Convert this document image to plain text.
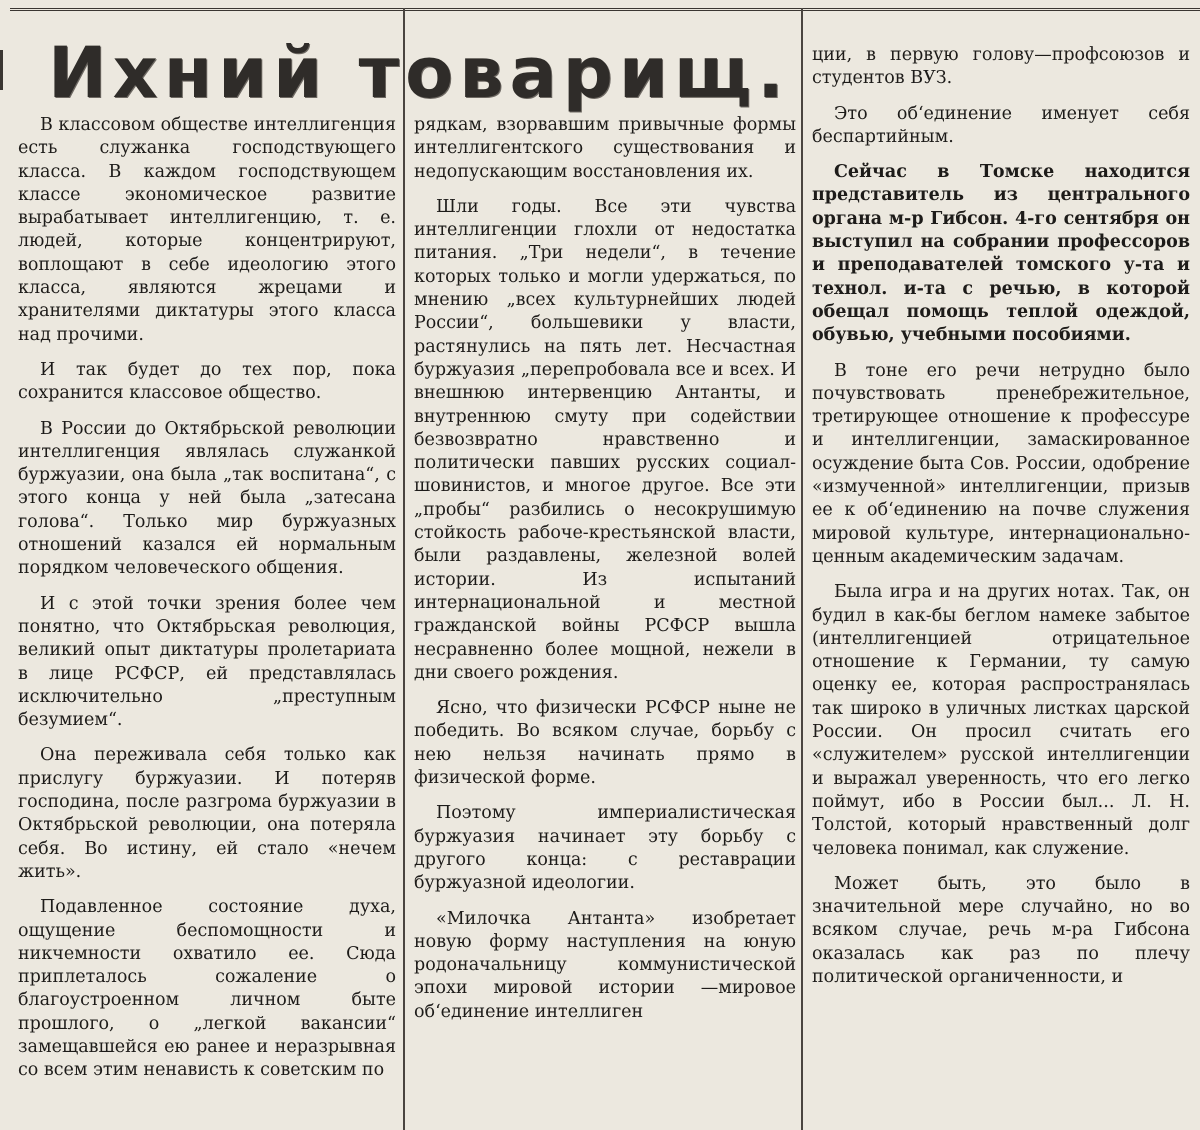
Ихний товарищ.

В классовом обществе интеллигенция есть служанка господствующего класса. В каждом господствующем классе экономическое развитие вырабатывает интеллигенцию, т. е. людей, которые концентрируют, воплощают в себе идеологию этого класса, являются жрецами и хранителями диктатуры этого класса над прочими.

И так будет до тех пор, пока сохранится классовое общество.

В России до Октябрьской революции интеллигенция являлась служанкой буржуазии, она была „так воспитана“, с этого конца у ней была „затесана голова“. Только мир буржуазных отношений казался ей нормальным порядком человеческого общения.

И с этой точки зрения более чем понятно, что Октябрьская революция, великий опыт диктатуры пролетариата в лице РСФСР, ей представлялась исключительно „преступным безумием“.

Она переживала себя только как прислугу буржуазии. И потеряв господина, после разгрома буржуазии в Октябрьской революции, она потеряла себя. Во истину, ей стало «нечем жить».

Подавленное состояние духа, ощущение беспомощности и никчемности охватило ее. Сюда приплеталось сожаление о благоустроенном личном быте прошлого, о „легкой вакансии“ замещавшейся ею ранее и неразрывная со всем этим ненависть к советским по

рядкам, взорвавшим привычные формы интеллигентского существования и недопускающим восстановления их.

Шли годы. Все эти чувства интеллигенции глохли от недостатка питания. „Три недели“, в течение которых только и могли удержаться, по мнению „всех культурнейших людей России“, большевики у власти, растянулись на пять лет. Несчастная буржуазия „перепробовала все и всех. И внешнюю интервенцию Антанты, и внутреннюю смуту при содействии безвозвратно нравственно и политически павших русских социал-шовинистов, и многое другое. Все эти „пробы“ разбились о несокрушимую стойкость рабоче-крестьянской власти, были раздавлены, железной волей истории. Из испытаний интернациональной и местной гражданской войны РСФСР вышла несравненно более мощной, нежели в дни своего рождения.

Ясно, что физически РСФСР ныне не победить. Во всяком случае, борьбу с нею нельзя начинать прямо в физической форме.

Поэтому империалистическая буржуазия начинает эту борьбу с другого конца: с реставрации буржуазной идеологии.

«Милочка Антанта» изобретает новую форму наступления на юную родоначальницу коммунистической эпохи мировой истории —мировое об‘единение интеллиген

ции, в первую голову—профсоюзов и студентов ВУЗ.

Это об‘единение именует себя беспартийным.

Сейчас в Томске находится представитель из центрального органа м-р Гибсон. 4-го сентября он выступил на собрании профессоров и преподавателей томского у-та и технол. и-та с речью, в которой обещал помощь теплой одеждой, обувью, учебными пособиями.

В тоне его речи нетрудно было почувствовать пренебрежительное, третирующее отношение к профессуре и интеллигенции, замаскированное осуждение быта Сов. России, одобрение «измученной» интеллигенции, призыв ее к об‘единению на почве служения мировой культуре, интернационально-ценным академическим задачам.

Была игра и на других нотах. Так, он будил в как-бы беглом намеке забытое (интеллигенцией отрицательное отношение к Германии, ту самую оценку ее, которая распространялась так широко в уличных листках царской России. Он просил считать его «служителем» русской интеллигенции и выражал уверенность, что его легко поймут, ибо в России был... Л. Н. Толстой, который нравственный долг человека понимал, как служение.

Может быть, это было в значительной мере случайно, но во всяком случае, речь м-ра Гибсона оказалась как раз по плечу политической органиченности, и
